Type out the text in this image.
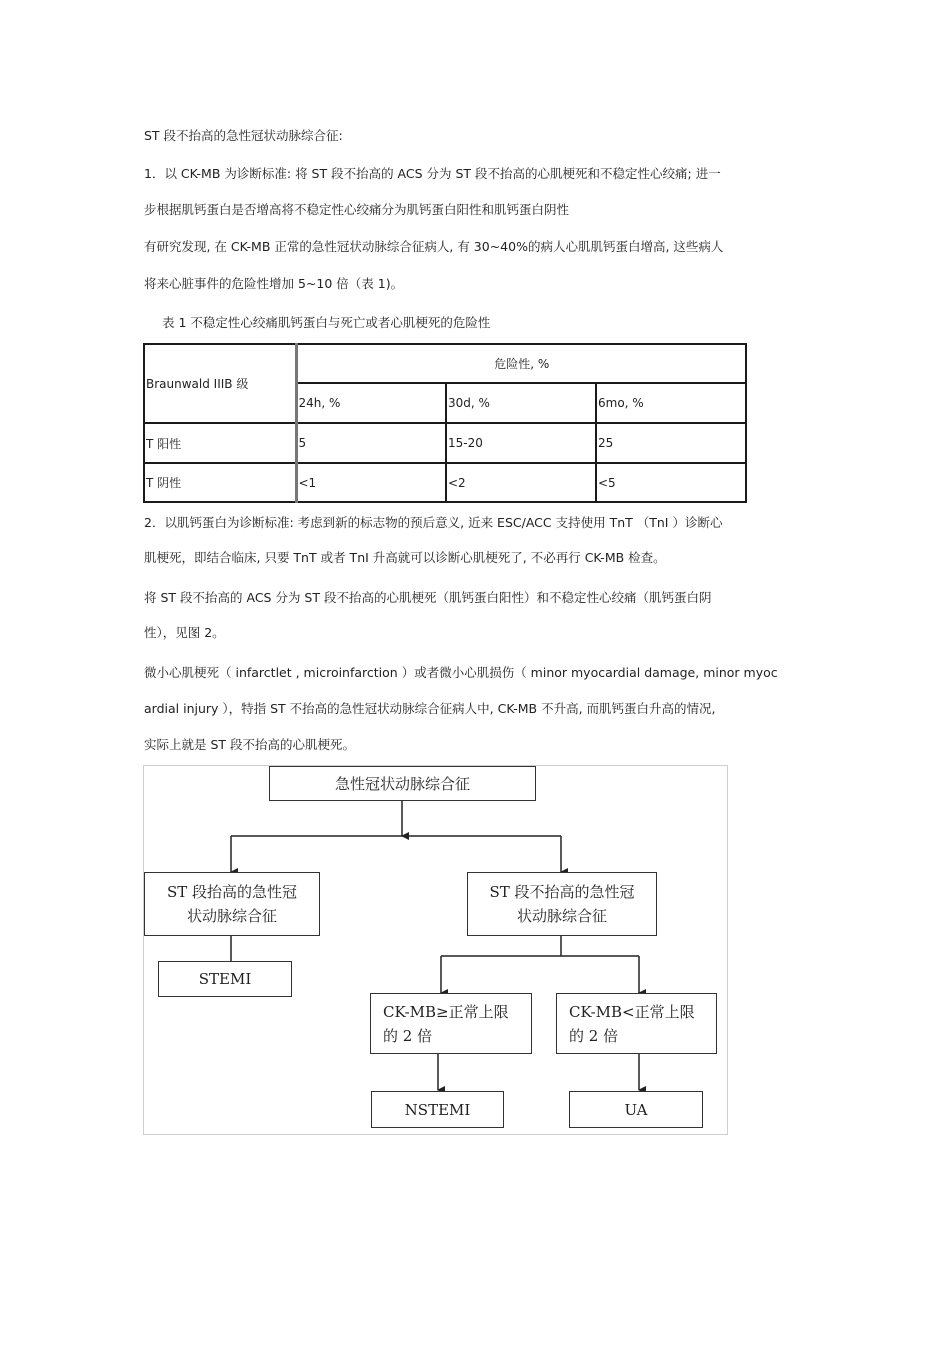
ST 段不抬高的急性冠状动脉综合征:
1．以 CK-MB 为诊断标准: 将 ST 段不抬高的 ACS 分为 ST 段不抬高的心肌梗死和不稳定性心绞痛; 进一
步根据肌钙蛋白是否增高将不稳定性心绞痛分为肌钙蛋白阳性和肌钙蛋白阴性
有研究发现, 在 CK-MB 正常的急性冠状动脉综合征病人, 有 30~40%的病人心肌肌钙蛋白增高, 这些病人
将来心脏事件的危险性增加 5~10 倍（表 1)。
表 1 不稳定性心绞痛肌钙蛋白与死亡或者心肌梗死的危险性
Braunwald IIIB 级	危险性, %		
	24h, %	30d, %	6mo, %
T 阳性	5	15-20	25
T 阴性	<1	<2	<5
2．以肌钙蛋白为诊断标准: 考虑到新的标志物的预后意义, 近来 ESC/ACC 支持使用 TnT （TnI ）诊断心
肌梗死，即结合临床, 只要 TnT 或者 TnI 升高就可以诊断心肌梗死了, 不必再行 CK-MB 检查。
将 ST 段不抬高的 ACS 分为 ST 段不抬高的心肌梗死（肌钙蛋白阳性）和不稳定性心绞痛（肌钙蛋白阴
性），见图 2。
微小心肌梗死（ infarctlet , microinfarction ）或者微小心肌损伤（ minor myocardial damage, minor myoc
ardial injury ），特指 ST 不抬高的急性冠状动脉综合征病人中, CK-MB 不升高, 而肌钙蛋白升高的情况,
实际上就是 ST 段不抬高的心肌梗死。
急性冠状动脉综合征
ST 段抬高的急性冠
状动脉综合征
ST 段不抬高的急性冠
状动脉综合征
STEMI
CK-MB≥正常上限
的 2 倍
CK-MB<正常上限
的 2 倍
NSTEMI	UA
